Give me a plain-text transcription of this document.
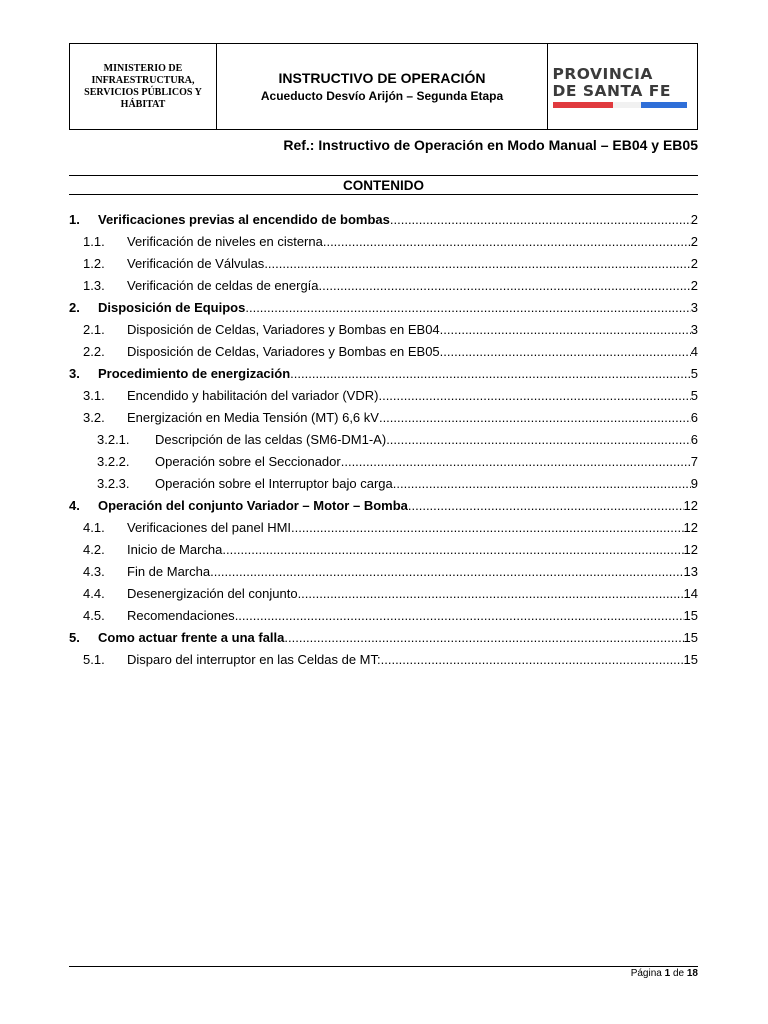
MINISTERIO DE INFRAESTRUCTURA, SERVICIOS PÚBLICOS Y HÁBITAT
INSTRUCTIVO DE OPERACIÓN
Acueducto Desvío Arijón – Segunda Etapa
PROVINCIA
DE SANTA FE
Ref.: Instructivo de Operación en Modo Manual – EB04 y EB05
CONTENIDO
1.	Verificaciones previas al encendido de bombas .....	2
1.1.	Verificación de niveles en cisterna .....	2
1.2.	Verificación de Válvulas .....	2
1.3.	Verificación de celdas de energía .....	2
2.	Disposición de Equipos .....	3
2.1.	Disposición de Celdas, Variadores y Bombas en EB04 .....	3
2.2.	Disposición de Celdas, Variadores y Bombas en EB05 .....	4
3.	Procedimiento de energización .....	5
3.1.	Encendido y habilitación del variador (VDR) .....	5
3.2.	Energización en Media Tensión (MT) 6,6 kV .....	6
3.2.1.	Descripción de las celdas (SM6-DM1-A) .....	6
3.2.2.	Operación sobre el Seccionador .....	7
3.2.3.	Operación sobre el Interruptor bajo carga .....	9
4.	Operación del conjunto Variador – Motor – Bomba .....	12
4.1.	Verificaciones del panel HMI .....	12
4.2.	Inicio de Marcha .....	12
4.3.	Fin de Marcha .....	13
4.4.	Desenergización del conjunto .....	14
4.5.	Recomendaciones .....	15
5.	Como actuar frente a una falla .....	15
5.1.	Disparo del interruptor en las Celdas de MT: .....	15
Página 1 de 18
